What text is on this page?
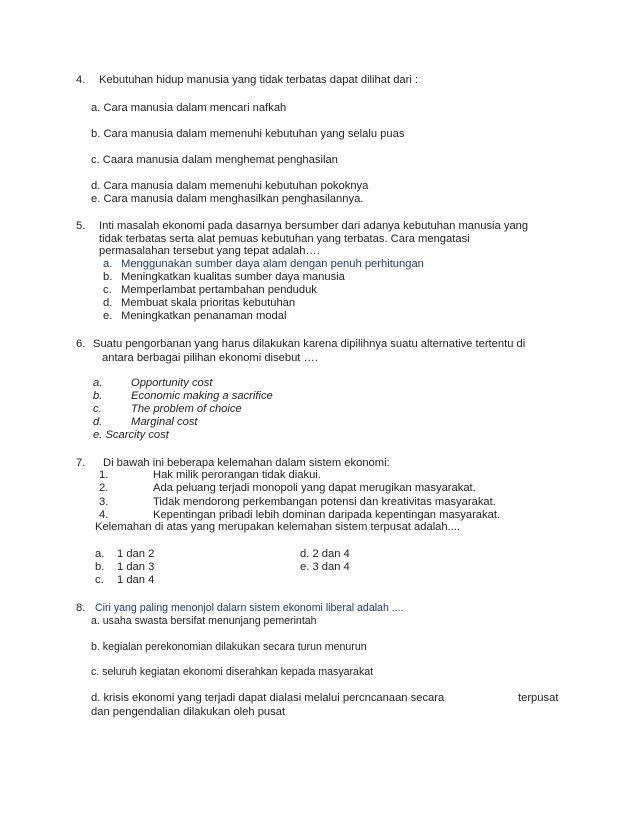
4. Kebutuhan hidup manusia yang tidak terbatas dapat dilihat dari :
a. Cara manusia dalam mencari nafkah
b. Cara manusia dalam memenuhi kebutuhan yang selalu puas
c. Caara manusia dalam menghemat penghasilan
d. Cara manusia dalam memenuhi kebutuhan pokoknya
e. Cara manusia dalam menghasilkan penghasilannya.
5. Inti masalah ekonomi pada dasarnya bersumber dari adanya kebutuhan manusia yang
tidak terbatas serta alat pemuas kebutuhan yang terbatas. Cara mengatasi
permasalahan tersebut yang tepat adalah….
a. Menggunakan sumber daya alam dengan penuh perhitungan
b. Meningkatkan kualitas sumber daya manusia
c. Memperlambat pertambahan penduduk
d. Membuat skala prioritas kebutuhan
e. Meningkatkan penanaman modal
6. Suatu pengorbanan yang harus dilakukan karena dipilihnya suatu alternative tertentu di
antara berbagai pilihan ekonomi disebut ….
a.	Opportunity cost
b.	Economic making a sacrifice
c.	The problem of choice
d.	Marginal cost
e. Scarcity cost
7. Di bawah ini beberapa kelemahan dalam sistem ekonomi:
1.	Hak milik perorangan tidak diakui.
2.	Ada peluang terjadi monopoli yang dapat merugikan masyarakat.
3.	Tidak mendorong perkembangan potensi dan kreativitas masyarakat.
4.	Kepentingan pribadi lebih dominan daripada kepentingan masyarakat.
Kelemahan di atas yang merupakan kelemahan sistem terpusat adalah....
a. 1 dan 2
b. 1 dan 3
c. 1 dan 4
d. 2 dan 4
e. 3 dan 4
8. Ciri yang paling menonjol dalarn sistem ekonomi liberal adalah ....
a. usaha swasta bersifat menunjang pemerintah
b. kegialan perekonomian dilakukan secara turun menurun
c. seluruh kegiatan ekonomi diserahkan kepada masyarakat
d. krisis ekonomi yang terjadi dapat dialasi melalui percncanaan secara	terpusat
dan pengendalian dilakukan oleh pusat
